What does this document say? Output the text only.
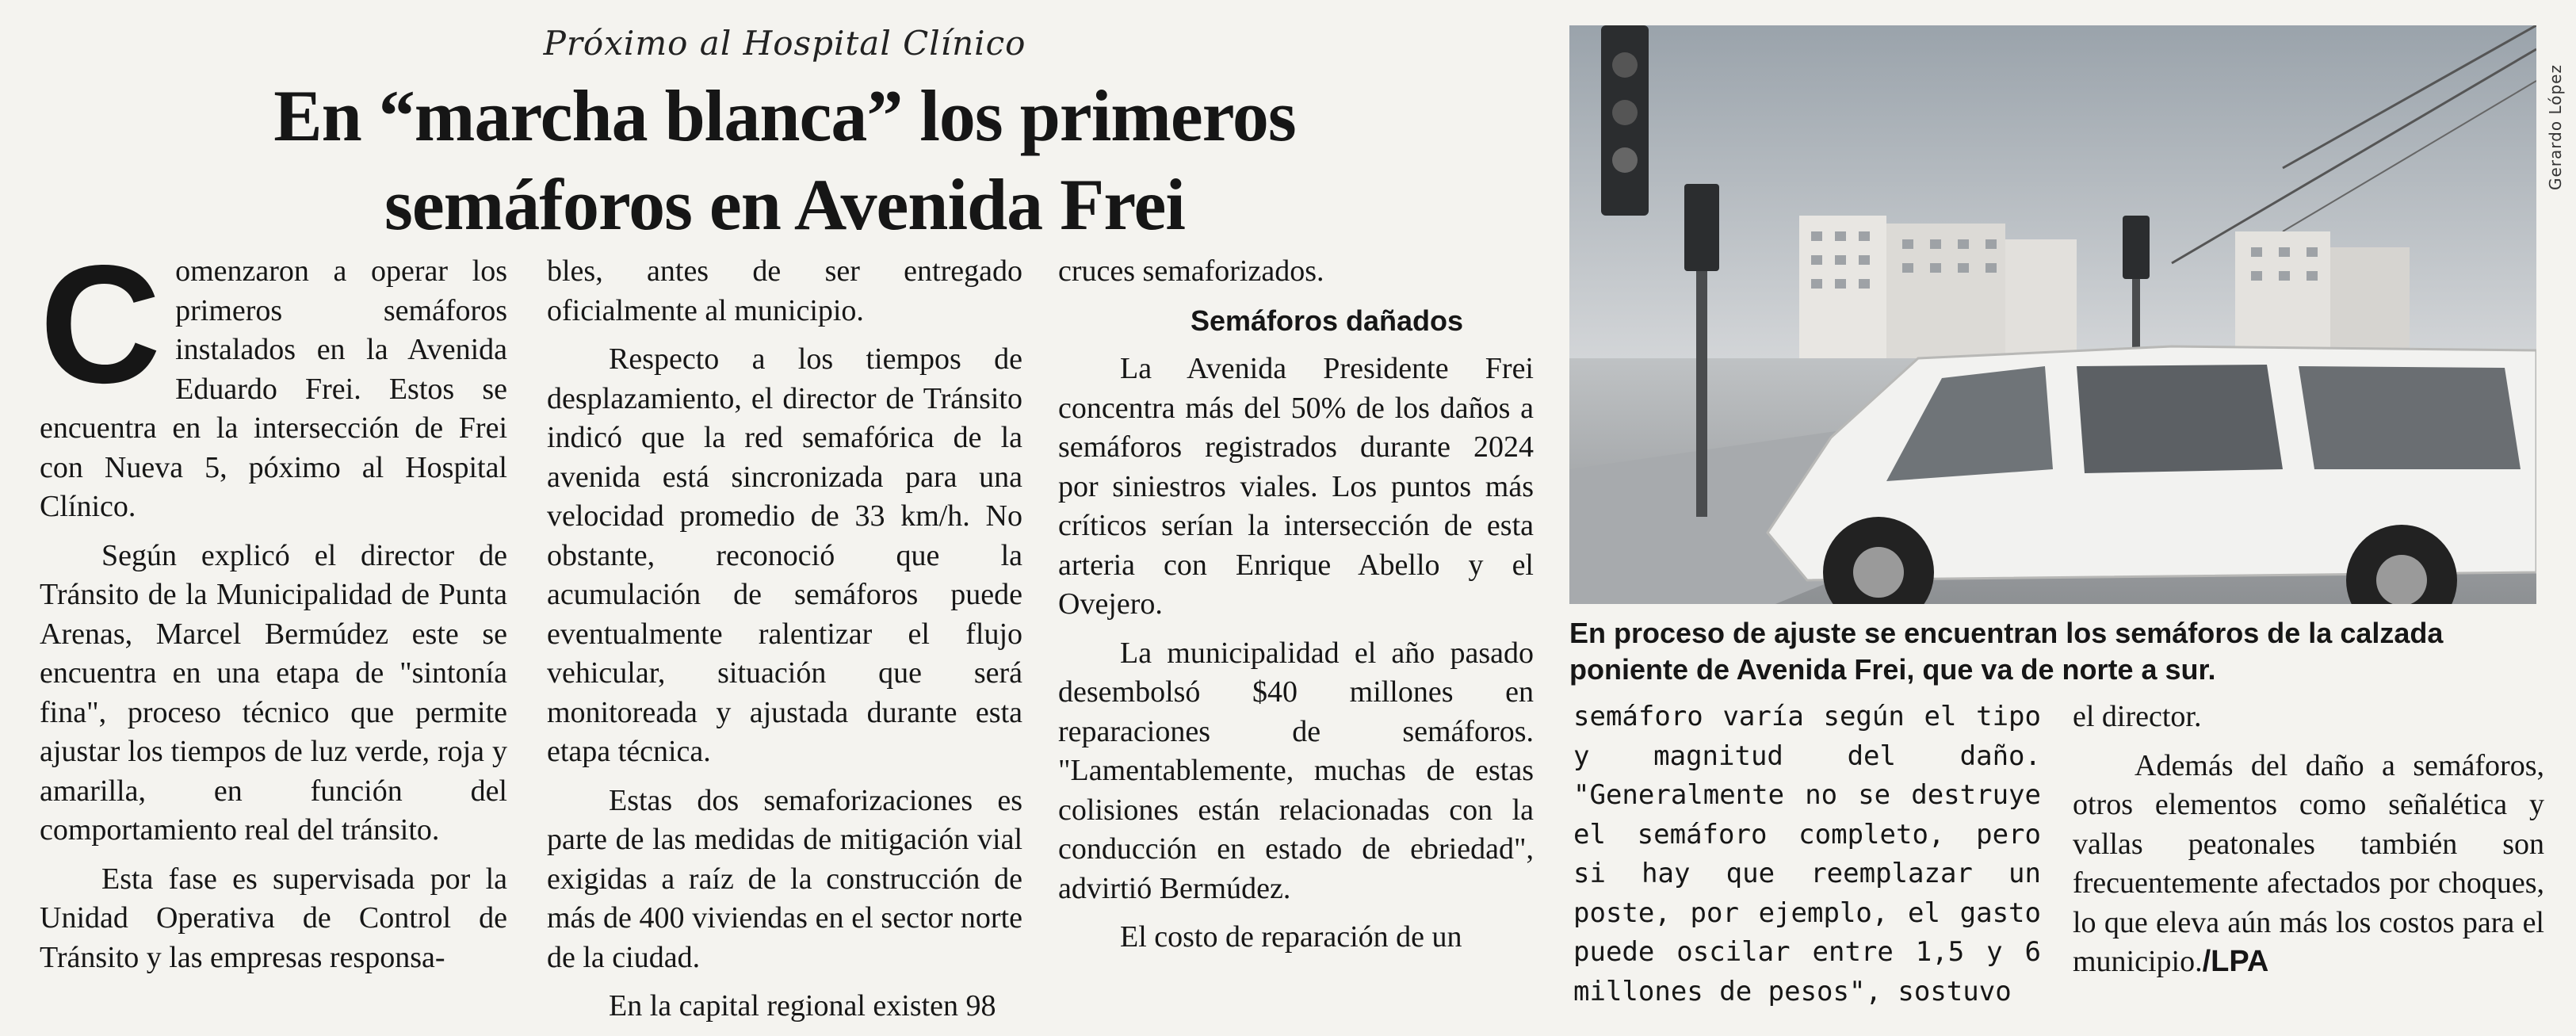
Próximo al Hospital Clínico
En “marcha blanca” los primeros
semáforos en Avenida Frei

Comenzaron a operar los primeros semáforos instalados en la Avenida Eduardo Frei. Estos se encuentra en la intersección de Frei con Nueva 5, póximo al Hospital Clínico.

Según explicó el director de Tránsito de la Municipalidad de Punta Arenas, Marcel Bermúdez este se encuentra en una etapa de "sintonía fina", proceso técnico que permite ajustar los tiempos de luz verde, roja y amarilla, en función del comportamiento real del tránsito.

Esta fase es supervisada por la Unidad Operativa de Control de Tránsito y las empresas responsa-

bles, antes de ser entregado oficialmente al municipio.

Respecto a los tiempos de desplazamiento, el director de Tránsito indicó que la red semafórica de la avenida está sincronizada para una velocidad promedio de 33 km/h. No obstante, reconoció que la acumulación de semáforos puede eventualmente ralentizar el flujo vehicular, situación que será monitoreada y ajustada durante esta etapa técnica.

Estas dos semaforizaciones es parte de las medidas de mitigación vial exigidas a raíz de la construcción de más de 400 viviendas en el sector norte de la ciudad.

En la capital regional existen 98

cruces semaforizados.

Semáforos dañados

La Avenida Presidente Frei concentra más del 50% de los daños a semáforos registrados durante 2024 por siniestros viales. Los puntos más críticos serían la intersección de esta arteria con Enrique Abello y el Ovejero.

La municipalidad el año pasado desembolsó $40 millones en reparaciones de semáforos. "Lamentablemente, muchas de estas colisiones están relacionadas con la conducción en estado de ebriedad", advirtió Bermúdez.

El costo de reparación de un

semáforo varía según el tipo y magnitud del daño. "Generalmente no se destruye el semáforo completo, pero si hay que reemplazar un poste, por ejemplo, el gasto puede oscilar entre 1,5 y 6 millones de pesos", sostuvo

el director.

Además del daño a semáforos, otros elementos como señalética y vallas peatonales también son frecuentemente afectados por choques, lo que eleva aún más los costos para el municipio./LPA

Gerardo López
En proceso de ajuste se encuentran los semáforos de la calzada poniente de Avenida Frei, que va de norte a sur.
